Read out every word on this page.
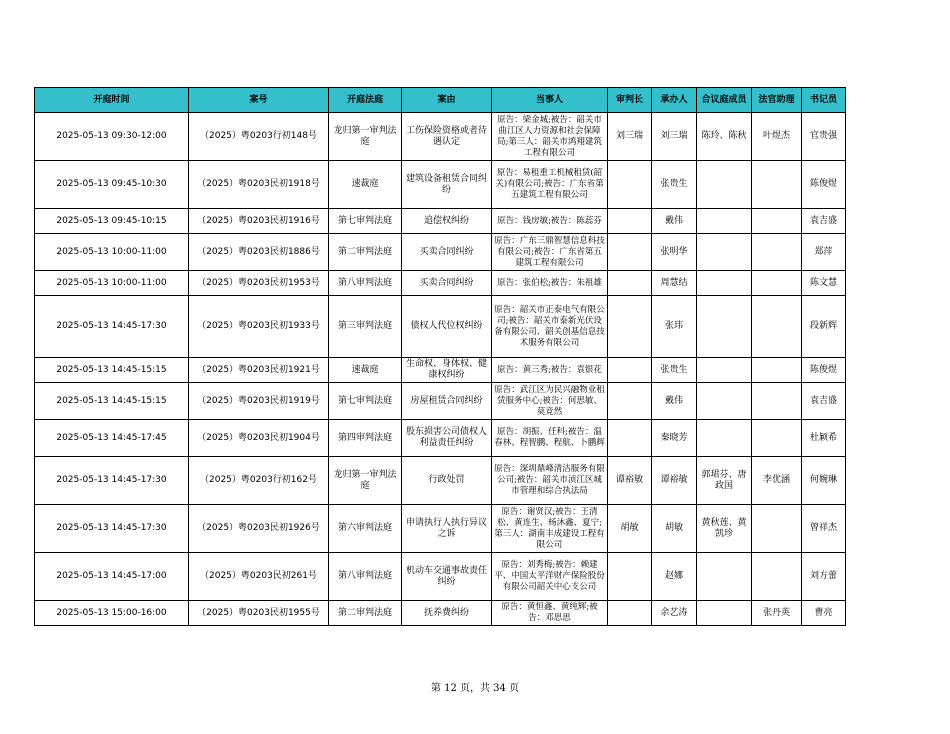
开庭时间	案号	开庭法庭	案由	当事人	审判长	承办人	合议庭成员	法官助理	书记员
2025-05-13 09:30-12:00	（2025）粤0203行初148号	龙归第一审判法庭	工伤保险资格或者待遇认定	原告：梁金城;被告：韶关市曲江区人力资源和社会保障局;第三人：韶关市鸿翔建筑工程有限公司	刘三瑞	刘三瑞	陈玲、陈秋	叶煜杰	官贵强
2025-05-13 09:45-10:30	（2025）粤0203民初1918号	速裁庭	建筑设备租赁合同纠纷	原告：易租重工机械租赁(韶关)有限公司;被告：广东省第五建筑工程有限公司		张贵生			陈俊煜
2025-05-13 09:45-10:15	（2025）粤0203民初1916号	第七审判法庭	追偿权纠纷	原告：钱房敏;被告：陈蕊芬		戴伟			袁吉盛
2025-05-13 10:00-11:00	（2025）粤0203民初1886号	第二审判法庭	买卖合同纠纷	原告：广东三鼎智慧信息科技有限公司;被告：广东省第五建筑工程有限公司		张明华			郑萍
2025-05-13 10:00-11:00	（2025）粤0203民初1953号	第八审判法庭	买卖合同纠纷	原告：张伯松;被告：朱祖雄		周慧结			陈文慧
2025-05-13 14:45-17:30	（2025）粤0203民初1933号	第三审判法庭	债权人代位权纠纷	原告：韶关市正泰电气有限公司;被告：韶关市泰新光伏设备有限公司、韶关创基信息技术服务有限公司		张玮			段新辉
2025-05-13 14:45-15:15	（2025）粤0203民初1921号	速裁庭	生命权、身体权、健康权纠纷	原告：黄三秀;被告：袁银花		张贵生			陈俊煜
2025-05-13 14:45-15:15	（2025）粤0203民初1919号	第七审判法庭	房屋租赁合同纠纷	原告：武江区为民兴融物业租赁服务中心;被告：何思敏、莫竞然		戴伟			袁吉盛
2025-05-13 14:45-17:45	（2025）粤0203民初1904号	第四审判法庭	股东损害公司债权人利益责任纠纷	原告：胡振、任科;被告：温春林、程智鹏、程航、卜鹏辉		秦晓芳			杜颖希
2025-05-13 14:45-17:30	（2025）粤0203行初162号	龙归第一审判法庭	行政处罚	原告：深圳鼎峰清洁服务有限公司;被告：韶关市浈江区城市管理和综合执法局	谭裕敏	谭裕敏	郭珺芬、唐政国	李优涵	何婉琳
2025-05-13 14:45-17:30	（2025）粤0203民初1926号	第六审判法庭	申请执行人执行异议之诉	原告：谢贤汉;被告：王清松、黄连生、杨沐鑫、夏宁;第三人：湖南丰成建设工程有限公司	胡敏	胡敏	黄秋莲、黄凯珍		曾祥杰
2025-05-13 14:45-17:00	（2025）粤0203民初261号	第八审判法庭	机动车交通事故责任纠纷	原告：刘秀梅;被告：赖建平、中国太平洋财产保险股份有限公司韶关中心支公司		赵娜			刘方蕾
2025-05-13 15:00-16:00	（2025）粤0203民初1955号	第二审判法庭	抚养费纠纷	原告：黄恒鑫、黄纯辉;被告：邓思思		余艺涛		张丹英	曹亮
第 12 页，共 34 页
